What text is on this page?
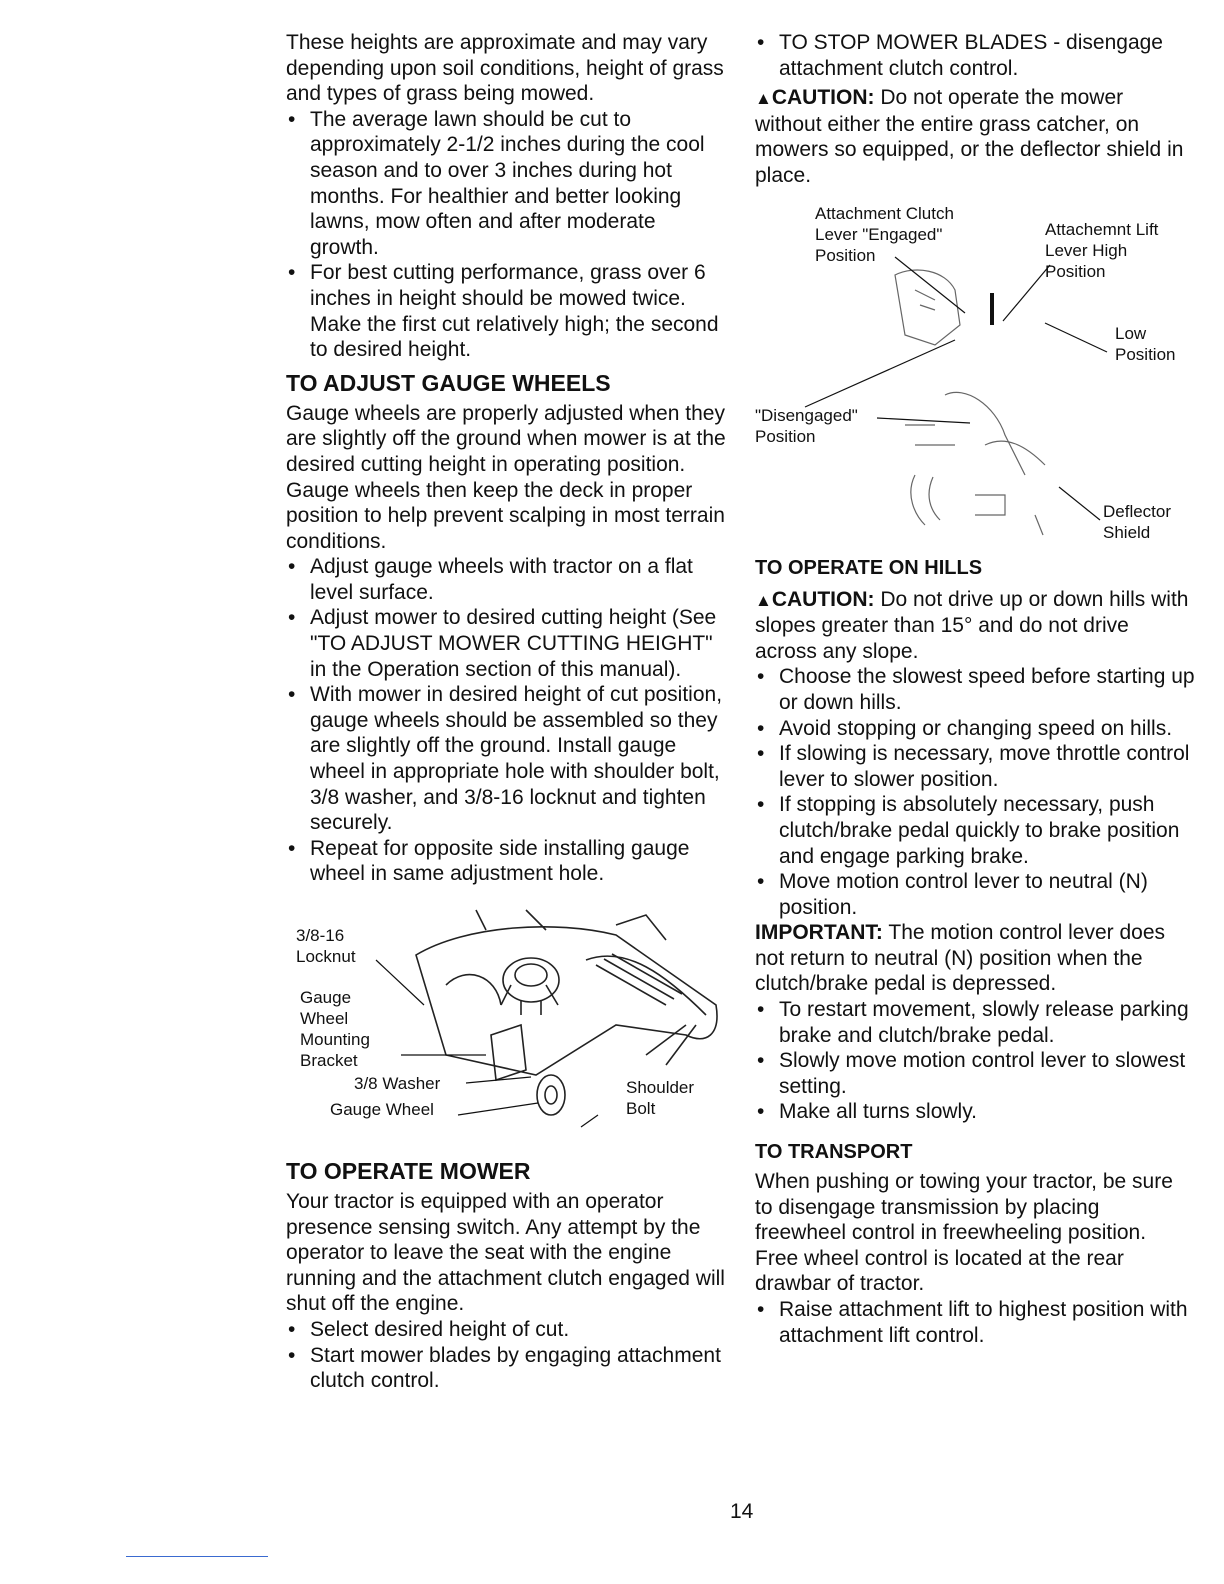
These heights are approximate and may vary depending upon soil conditions, height of grass and types of grass being mowed.

• The average lawn should be cut to approximately 2-1/2 inches during the cool season and to over 3 inches during hot months. For healthier and better looking lawns, mow often and after moderate growth.
• For best cutting performance, grass over 6 inches in height should be mowed twice. Make the first cut relatively high; the second to desired height.
TO ADJUST GAUGE WHEELS

Gauge wheels are properly adjusted when they are slightly off the ground when mower is at the desired cutting height in operating position. Gauge wheels then keep the deck in proper position to help prevent scalping in most terrain conditions.

• Adjust gauge wheels with tractor on a flat level surface.
• Adjust mower to desired cutting height (See "TO ADJUST MOWER CUTTING HEIGHT" in the Operation section of this manual).
• With mower in desired height of cut position, gauge wheels should be assembled so they are slightly off the ground. Install gauge wheel in appropriate hole with shoulder bolt, 3/8 washer, and 3/8-16 locknut and tighten securely.
• Repeat for opposite side installing gauge wheel in same adjustment hole.
3/8-16
Locknut
Gauge
Wheel
Mounting
Bracket
3/8 Washer
Gauge Wheel
Shoulder
Bolt
TO OPERATE MOWER

Your tractor is equipped with an operator presence sensing switch. Any attempt by the operator to leave the seat with the engine running and the attachment clutch engaged will shut off the engine.

• Select desired height of cut.
• Start mower blades by engaging attachment clutch control.
• TO STOP MOWER BLADES - disengage attachment clutch control.

▲CAUTION: Do not operate the mower without either the entire grass catcher, on mowers so equipped, or the deflector shield in place.

Attachment Clutch
Lever "Engaged"
Position
Attachemnt Lift
Lever High
Position
Low
Position
"Disengaged"
Position
Deflector
Shield
TO OPERATE ON HILLS

▲CAUTION: Do not drive up or down hills with slopes greater than 15° and do not drive across any slope.

• Choose the slowest speed before starting up or down hills.
• Avoid stopping or changing speed on hills.
• If slowing is necessary, move throttle control lever to slower position.
• If stopping is absolutely necessary, push clutch/brake pedal quickly to brake position and engage parking brake.
• Move motion control lever to neutral (N) position.

IMPORTANT: The motion control lever does not return to neutral (N) position when the clutch/brake pedal is depressed.

• To restart movement, slowly release parking brake and clutch/brake pedal.
• Slowly move motion control lever to slowest setting.
• Make all turns slowly.
TO TRANSPORT

When pushing or towing your tractor, be sure to disengage transmission by placing freewheel control in freewheeling position. Free wheel control is located at the rear drawbar of tractor.

• Raise attachment lift to highest position with attachment lift control.
14
